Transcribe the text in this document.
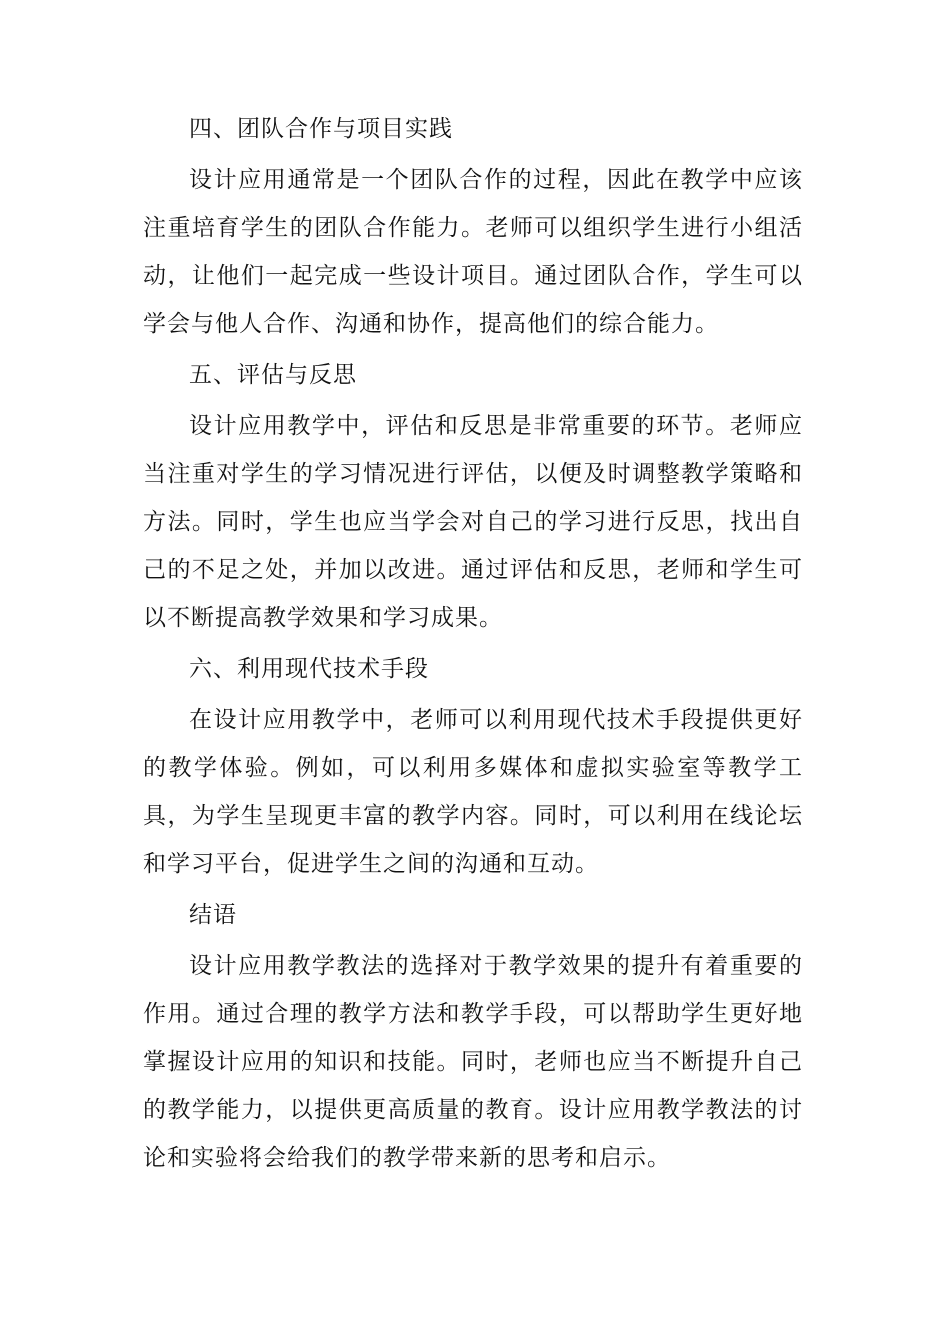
四、团队合作与项目实践

设计应用通常是一个团队合作的过程，因此在教学中应该注重培育学生的团队合作能力。老师可以组织学生进行小组活动，让他们一起完成一些设计项目。通过团队合作，学生可以学会与他人合作、沟通和协作，提高他们的综合能力。

五、评估与反思

设计应用教学中，评估和反思是非常重要的环节。老师应当注重对学生的学习情况进行评估，以便及时调整教学策略和方法。同时，学生也应当学会对自己的学习进行反思，找出自己的不足之处，并加以改进。通过评估和反思，老师和学生可以不断提高教学效果和学习成果。

六、利用现代技术手段

在设计应用教学中，老师可以利用现代技术手段提供更好的教学体验。例如，可以利用多媒体和虚拟实验室等教学工具，为学生呈现更丰富的教学内容。同时，可以利用在线论坛和学习平台，促进学生之间的沟通和互动。

结语

设计应用教学教法的选择对于教学效果的提升有着重要的作用。通过合理的教学方法和教学手段，可以帮助学生更好地掌握设计应用的知识和技能。同时，老师也应当不断提升自己的教学能力，以提供更高质量的教育。设计应用教学教法的讨论和实验将会给我们的教学带来新的思考和启示。
